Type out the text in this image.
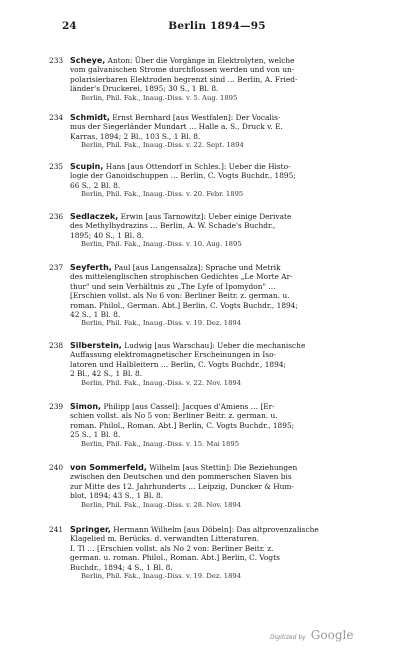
24	Berlin 1894—95
233 Scheye, Anton: Über die Vorgänge in Elektrolyten, welche
vom galvanischen Strome durchflossen werden und von un-
polarisierbaren Elektroden begrenzt sind … Berlin, A. Fried-
länder's Druckerei, 1895; 30 S., 1 Bl. 8.
Berlin, Phil. Fak., Inaug.-Diss. v. 5. Aug. 1895
234 Schmidt, Ernst Bernhard [aus Westfalen]: Der Vocalis-
mus der Siegerländer Mundart … Halle a. S., Druck v. E.
Karras, 1894; 2 Bl., 103 S., 1 Bl. 8.
Berlin, Phil. Fak., Inaug.-Diss. v. 22. Sept. 1894
235 Scupin, Hans [aus Ottendorf in Schles.]: Ueber die Histo-
logie der Ganoidschuppen … Berlin, C. Vogts Buchdr., 1895;
66 S., 2 Bl. 8.
Berlin, Phil. Fak., Inaug.-Diss. v. 20. Febr. 1895
236 Sedlaczek, Erwin [aus Tarnowitz]: Ueber einige Derivate
des Methylhydrazins … Berlin, A. W. Schade's Buchdr.,
1895; 40 S., 1 Bl. 8.
Berlin, Phil. Fak., Inaug.-Diss. v. 10. Aug. 1895
237 Seyferth, Paul [aus Langensalza]: Sprache und Metrik
des mittelenglischen strophischen Gedichtes „Le Morte Ar-
thur" und sein Verhältnis zu „The Lyfe of Ipomydon" …
[Erschien vollst. als No 6 von: Berliner Beitr. z. german. u.
roman. Philol., German. Abt.] Berlin, C. Vogts Buchdr., 1894;
42 S., 1 Bl. 8.
Berlin, Phil. Fak., Inaug.-Diss. v. 19. Dez. 1894
238 Silberstein, Ludwig [aus Warschau]: Ueber die mechanische
Auffassung elektromagnetischer Erscheinungen in Iso-
latoren und Halbleitern … Berlin, C. Vogts Buchdr., 1894;
2 Bl., 42 S., 1 Bl. 8.
Berlin, Phil. Fak., Inaug.-Diss. v. 22. Nov. 1894
239 Simon, Philipp [aus Cassel]: Jacques d'Amiens … [Er-
schien vollst. als No 5 von: Berliner Beitr. z. german. u.
roman. Philol., Roman. Abt.] Berlin, C. Vogts Buchdr., 1895;
25 S., 1 Bl. 8.
Berlin, Phil. Fak., Inaug.-Diss. v. 15. Mai 1895
240 von Sommerfeld, Wilhelm [aus Stettin]: Die Beziehungen
zwischen den Deutschen und den pommerschen Slaven bis
zur Mitte des 12. Jahrhunderts … Leipzig, Duncker & Hum-
blot, 1894; 43 S., 1 Bl. 8.
Berlin, Phil. Fak., Inaug.-Diss. v. 28. Nov. 1894
241 Springer, Hermann Wilhelm [aus Döbeln]: Das altprovenzalische
Klagelied m. Berücks. d. verwandten Litteraturen.
I. Tl … [Erschien vollst. als No 2 von: Berliner Beitr. z.
german. u. roman. Philol., Roman. Abt.] Berlin, C. Vogts
Buchdr., 1894; 4 S., 1 Bl. 8.
Berlin, Phil. Fak., Inaug.-Diss. v. 19. Dez. 1894
Digitized by Google
